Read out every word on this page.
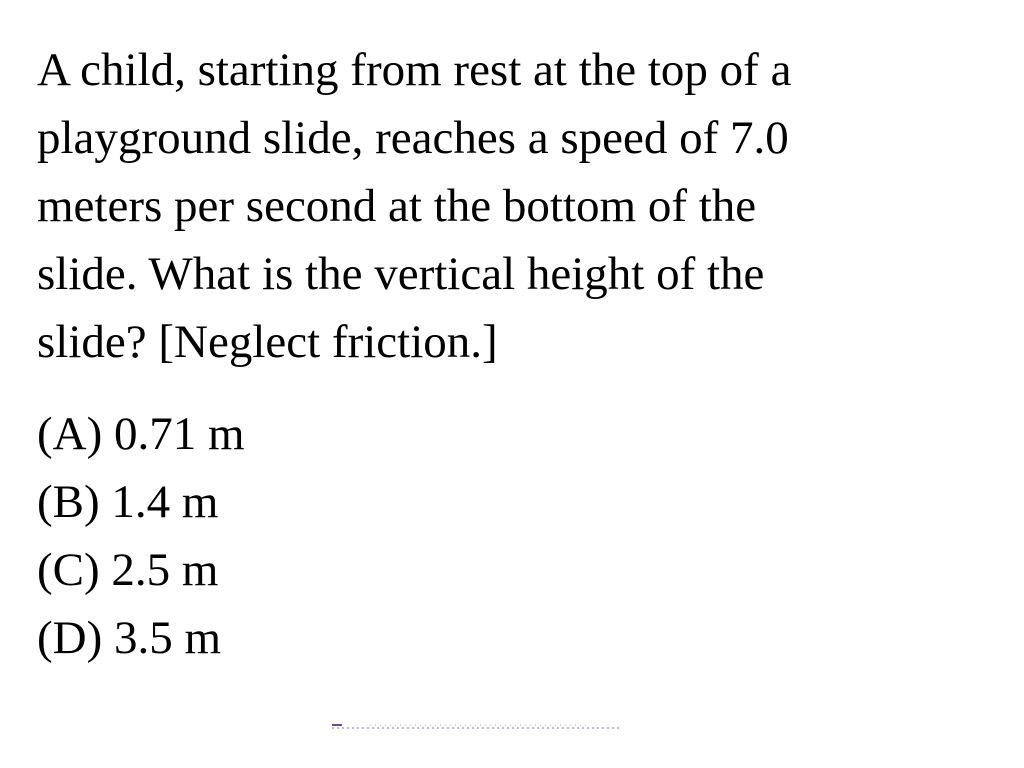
A child, starting from rest at the top of a
playground slide, reaches a speed of 7.0
meters per second at the bottom of the
slide. What is the vertical height of the
slide? [Neglect friction.]

(A) 0.71 m
(B) 1.4 m
(C) 2.5 m
(D) 3.5 m
